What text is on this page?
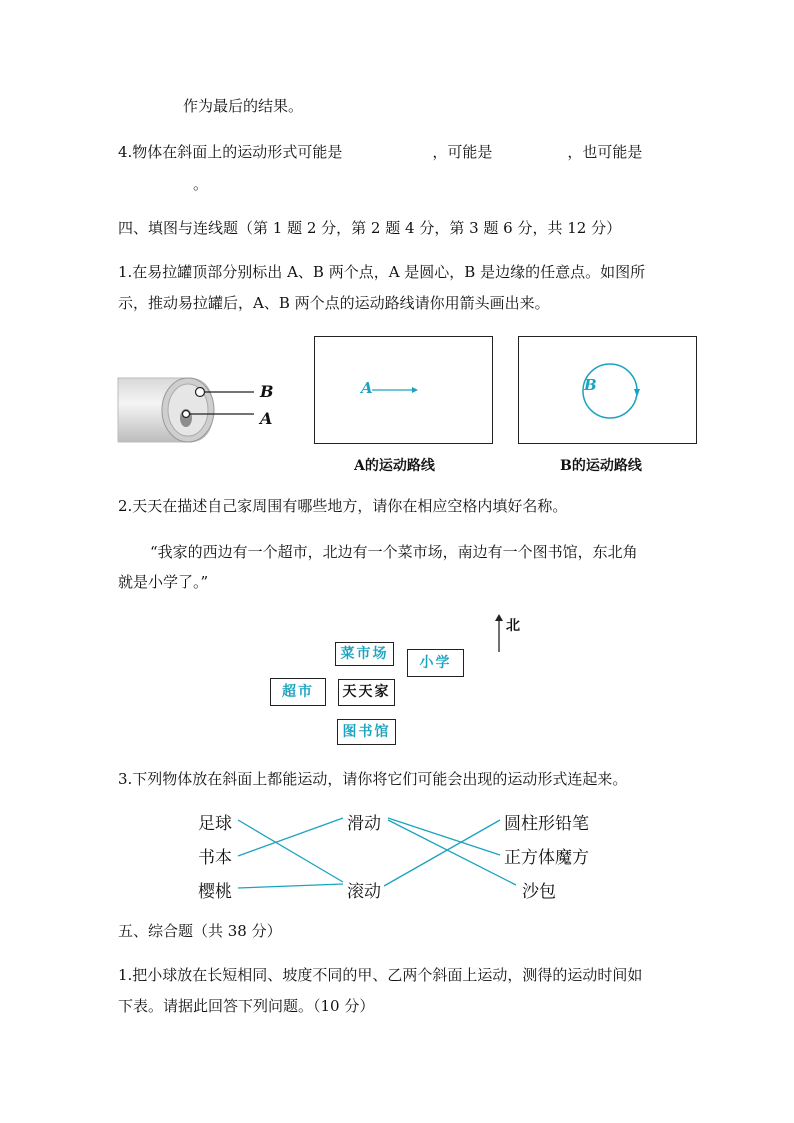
作为最后的结果。
4.物体在斜面上的运动形式可能是　　　　　　，可能是　　　　　，也可能是
　　　　　。
四、填图与连线题（第 1 题 2 分，第 2 题 4 分，第 3 题 6 分，共 12 分）
1.在易拉罐顶部分别标出 A、B 两个点，A 是圆心，B 是边缘的任意点。如图所
示，推动易拉罐后，A、B 两个点的运动路线请你用箭头画出来。
B
A
A
A的运动路线
B
B的运动路线
2.天天在描述自己家周围有哪些地方，请你在相应空格内填好名称。
“我家的西边有一个超市，北边有一个菜市场，南边有一个图书馆，东北角
就是小学了。”
北
菜市场
小学
超市	天天家
图书馆
3.下列物体放在斜面上都能运动，请你将它们可能会出现的运动形式连起来。
足球
书本
樱桃
滑动
滚动
圆柱形铅笔
正方体魔方
沙包
五、综合题（共 38 分）
1.把小球放在长短相同、坡度不同的甲、乙两个斜面上运动，测得的运动时间如
下表。请据此回答下列问题。（10 分）
